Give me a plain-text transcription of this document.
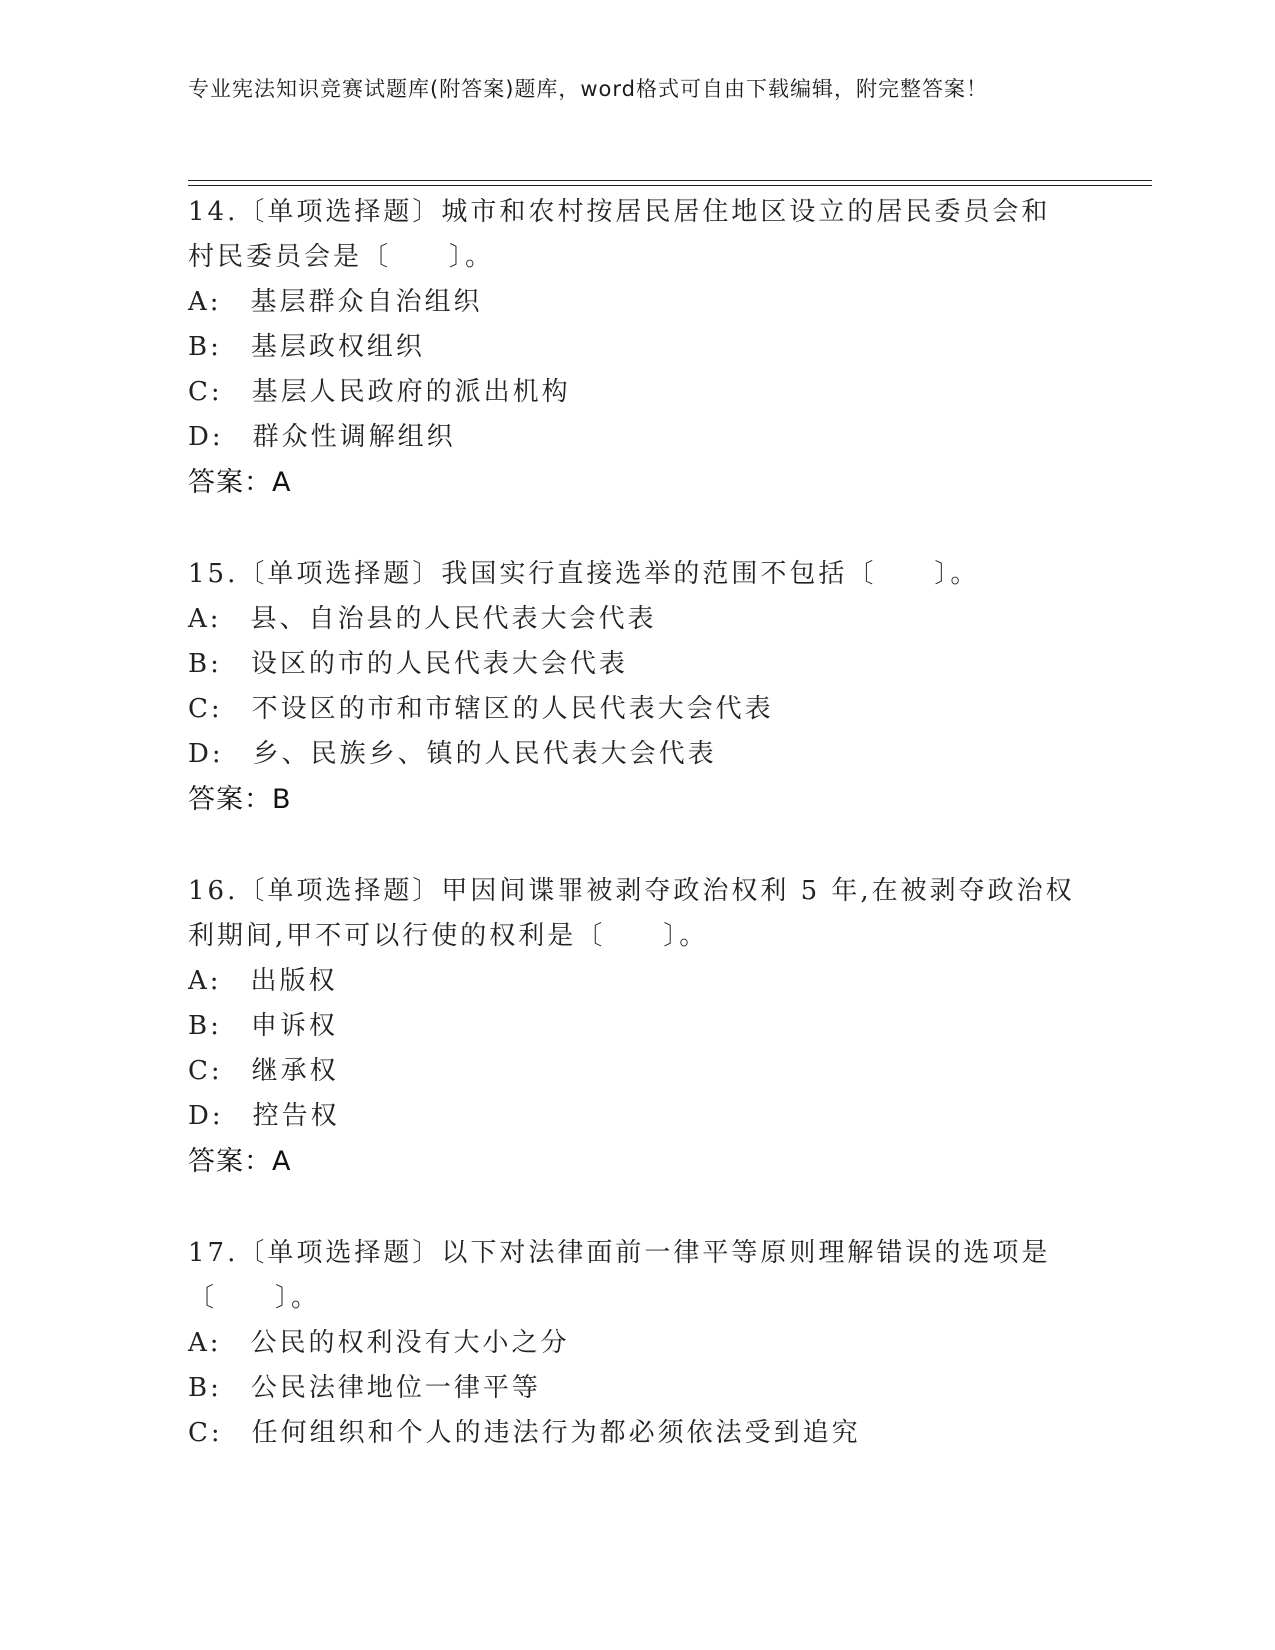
专业宪法知识竞赛试题库(附答案)题库，word格式可自由下载编辑，附完整答案！
14.〔单项选择题〕城市和农村按居民居住地区设立的居民委员会和村民委员会是〔　　〕。
A:　基层群众自治组织
B:　基层政权组织
C:　基层人民政府的派出机构
D:　群众性调解组织
答案：A
15.〔单项选择题〕我国实行直接选举的范围不包括〔　　〕。
A:　县、自治县的人民代表大会代表
B:　设区的市的人民代表大会代表
C:　不设区的市和市辖区的人民代表大会代表
D:　乡、民族乡、镇的人民代表大会代表
答案：B
16.〔单项选择题〕甲因间谍罪被剥夺政治权利 5 年,在被剥夺政治权利期间,甲不可以行使的权利是〔　　〕。
A:　出版权
B:　申诉权
C:　继承权
D:　控告权
答案：A
17.〔单项选择题〕以下对法律面前一律平等原则理解错误的选项是〔　　〕。
A:　公民的权利没有大小之分
B:　公民法律地位一律平等
C:　任何组织和个人的违法行为都必须依法受到追究
